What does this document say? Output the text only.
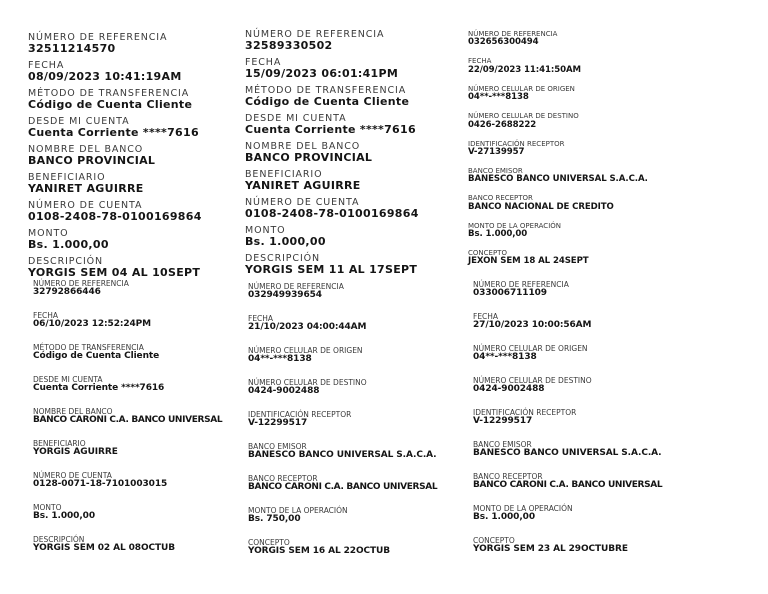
NÚMERO DE REFERENCIA
32511214570
FECHA
08/09/2023 10:41:19AM
MÉTODO DE TRANSFERENCIA
Código de Cuenta Cliente
DESDE MI CUENTA
Cuenta Corriente ****7616
NOMBRE DEL BANCO
BANCO PROVINCIAL
BENEFICIARIO
YANIRET AGUIRRE
NÚMERO DE CUENTA
0108-2408-78-0100169864
MONTO
Bs. 1.000,00
DESCRIPCIÓN
YORGIS SEM 04 AL 10SEPT
NÚMERO DE REFERENCIA
32589330502
FECHA
15/09/2023 06:01:41PM
MÉTODO DE TRANSFERENCIA
Código de Cuenta Cliente
DESDE MI CUENTA
Cuenta Corriente ****7616
NOMBRE DEL BANCO
BANCO PROVINCIAL
BENEFICIARIO
YANIRET AGUIRRE
NÚMERO DE CUENTA
0108-2408-78-0100169864
MONTO
Bs. 1.000,00
DESCRIPCIÓN
YORGIS SEM 11 AL 17SEPT
NÚMERO DE REFERENCIA
032656300494
FECHA
22/09/2023 11:41:50AM
NÚMERO CELULAR DE ORIGEN
04**-***8138
NÚMERO CELULAR DE DESTINO
0426-2688222
IDENTIFICACIÓN RECEPTOR
V-27139957
BANCO EMISOR
BANESCO BANCO UNIVERSAL S.A.C.A.
BANCO RECEPTOR
BANCO NACIONAL DE CREDITO
MONTO DE LA OPERACIÓN
Bs. 1.000,00
CONCEPTO
JEXON SEM 18 AL 24SEPT
NÚMERO DE REFERENCIA
32792866446
FECHA
06/10/2023 12:52:24PM
MÉTODO DE TRANSFERENCIA
Código de Cuenta Cliente
DESDE MI CUENTA
Cuenta Corriente ****7616
NOMBRE DEL BANCO
BANCO CARONI C.A. BANCO UNIVERSAL
BENEFICIARIO
YORGIS AGUIRRE
NÚMERO DE CUENTA
0128-0071-18-7101003015
MONTO
Bs. 1.000,00
DESCRIPCIÓN
YORGIS SEM 02 AL 08OCTUB
NÚMERO DE REFERENCIA
032949939654
FECHA
21/10/2023 04:00:44AM
NÚMERO CELULAR DE ORIGEN
04**-***8138
NÚMERO CELULAR DE DESTINO
0424-9002488
IDENTIFICACIÓN RECEPTOR
V-12299517
BANCO EMISOR
BANESCO BANCO UNIVERSAL S.A.C.A.
BANCO RECEPTOR
BANCO CARONI C.A. BANCO UNIVERSAL
MONTO DE LA OPERACIÓN
Bs. 750,00
CONCEPTO
YORGIS SEM 16 AL 22OCTUB
NÚMERO DE REFERENCIA
033006711109
FECHA
27/10/2023 10:00:56AM
NÚMERO CELULAR DE ORIGEN
04**-***8138
NÚMERO CELULAR DE DESTINO
0424-9002488
IDENTIFICACIÓN RECEPTOR
V-12299517
BANCO EMISOR
BANESCO BANCO UNIVERSAL S.A.C.A.
BANCO RECEPTOR
BANCO CARONI C.A. BANCO UNIVERSAL
MONTO DE LA OPERACIÓN
Bs. 1.000,00
CONCEPTO
YORGIS SEM 23 AL 29OCTUBRE
